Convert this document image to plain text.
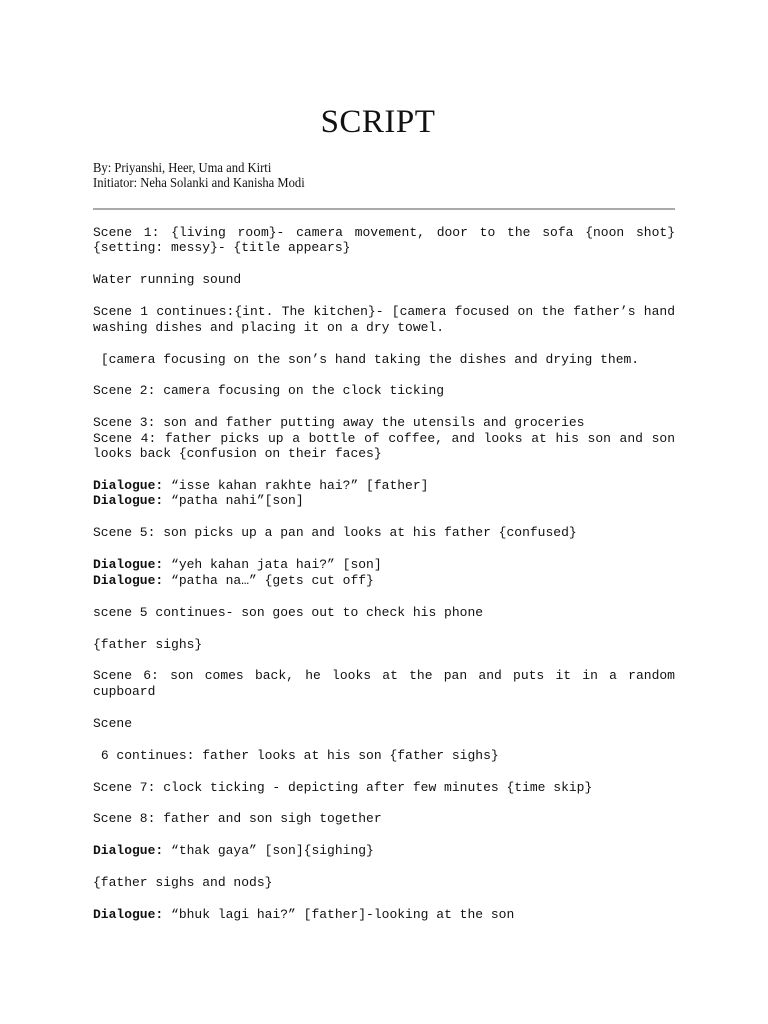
SCRIPT
By: Priyanshi, Heer, Uma and Kirti
Initiator: Neha Solanki and Kanisha Modi

Scene 1: {living room}- camera movement, door to the sofa {noon shot} {setting: messy}- {title appears}

Water running sound

Scene 1 continues:{int. The kitchen}- [camera focused on the father’s hand washing dishes and placing it on a dry towel.

[camera focusing on the son’s hand taking the dishes and drying them.

Scene 2: camera focusing on the clock ticking

Scene 3: son and father putting away the utensils and groceries

Scene 4: father picks up a bottle of coffee, and looks at his son and son looks back {confusion on their faces}

Dialogue: “isse kahan rakhte hai?” [father]

Dialogue: “patha nahi”[son]

Scene 5: son picks up a pan and looks at his father {confused}

Dialogue: “yeh kahan jata hai?” [son]

Dialogue: “patha na…” {gets cut off}

scene 5 continues- son goes out to check his phone

{father sighs}

Scene 6: son comes back, he looks at the pan and puts it in a random cupboard

Scene

6 continues: father looks at his son {father sighs}

Scene 7: clock ticking - depicting after few minutes {time skip}

Scene 8: father and son sigh together

Dialogue: “thak gaya” [son]{sighing}

{father sighs and nods}

Dialogue: “bhuk lagi hai?” [father]-looking at the son
